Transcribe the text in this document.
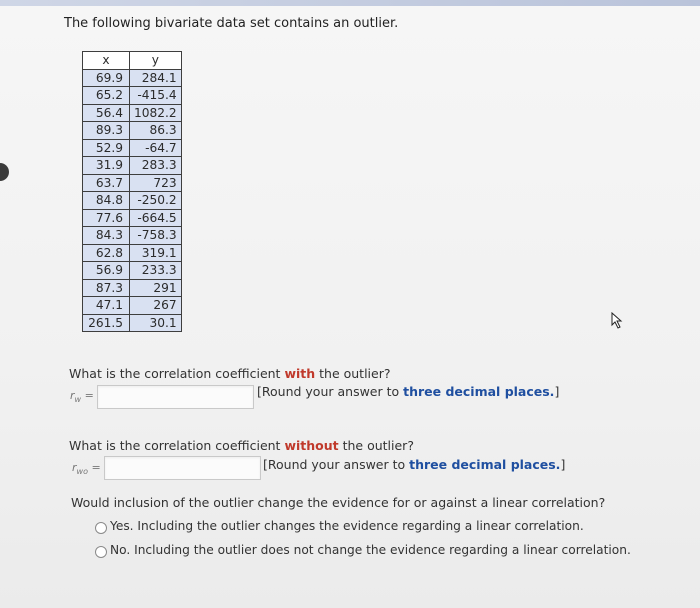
The following bivariate data set contains an outlier.
x	y
69.9	284.1
65.2	-415.4
56.4	1082.2
89.3	86.3
52.9	-64.7
31.9	283.3
63.7	723
84.8	-250.2
77.6	-664.5
84.3	-758.3
62.8	319.1
56.9	233.3
87.3	291
47.1	267
261.5	30.1
What is the correlation coefficient with the outlier?
$r_w$ =	[Round your answer to three decimal places.]
What is the correlation coefficient without the outlier?
$r_{wo}$ =	[Round your answer to three decimal places.]
Would inclusion of the outlier change the evidence for or against a linear correlation?
Yes. Including the outlier changes the evidence regarding a linear correlation.
No. Including the outlier does not change the evidence regarding a linear correlation.
